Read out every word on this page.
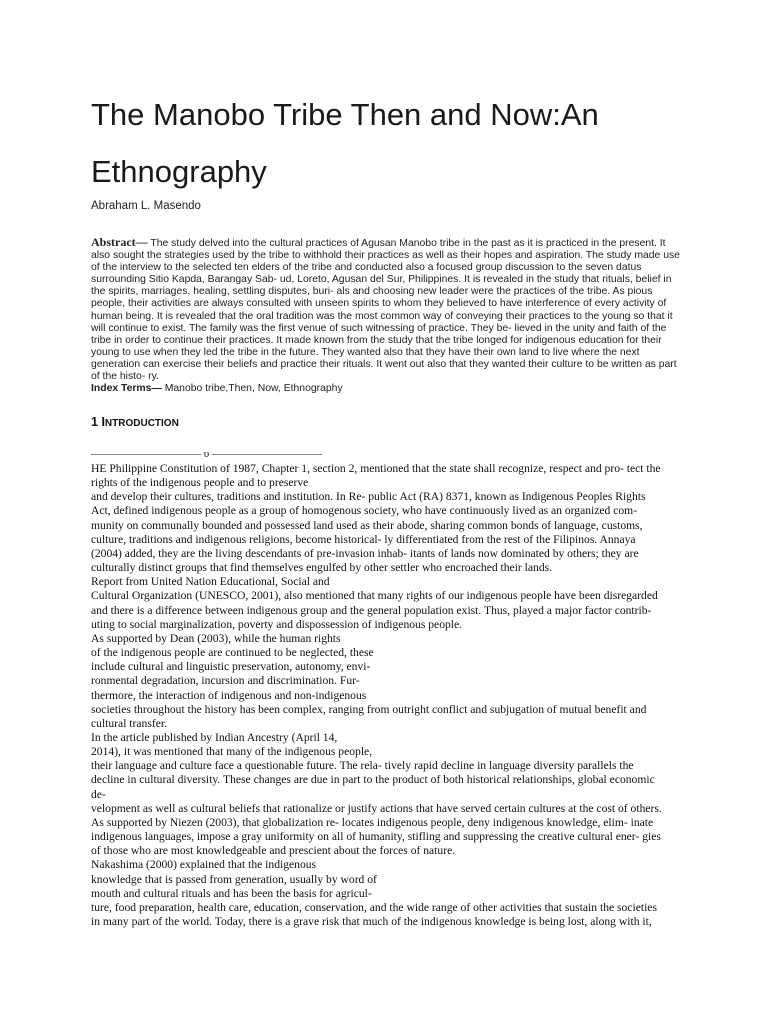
The Manobo Tribe Then and Now:An
Ethnography
Abraham L. Masendo

Abstract— The study delved into the cultural practices of Agusan Manobo tribe in the past as it is practiced in the present. It also sought the strategies used by the tribe to withhold their practices as well as their hopes and aspiration. The study made use of the interview to the selected ten elders of the tribe and conducted also a focused group discussion to the seven datus surrounding Sitio Kapda, Barangay Sab- ud, Loreto, Agusan del Sur, Philippines. It is revealed in the study that rituals, belief in the spirits, marriages, healing, settling disputes, buri- als and choosing new leader were the practices of the tribe. As pious people, their activities are always consulted with unseen spirits to whom they believed to have interference of every activity of human being. It is revealed that the oral tradition was the most common way of conveying their practices to the young so that it will continue to exist. The family was the first venue of such witnessing of practice. They be- lieved in the unity and faith of the tribe in order to continue their practices. It made known from the study that the tribe longed for indigenous education for their young to use when they led the tribe in the future. They wanted also that they have their own land to live where the next generation can exercise their beliefs and practice their rituals. It went out also that they wanted their culture to be written as part of the histo- ry.

Index Terms— Manobo tribe,Then, Now, Ethnography
1 INTRODUCTION
—————————— υ ——————————
HE Philippine Constitution of 1987, Chapter 1, section 2, mentioned that the state shall recognize, respect and pro- tect the
rights of the indigenous people and to preserve
and develop their cultures, traditions and institution. In Re- public Act (RA) 8371, known as Indigenous Peoples Rights
Act, defined indigenous people as a group of homogenous society, who have continuously lived as an organized com-
munity on communally bounded and possessed land used as their abode, sharing common bonds of language, customs,
culture, traditions and indigenous religions, become historical- ly differentiated from the rest of the Filipinos. Annaya
(2004) added, they are the living descendants of pre-invasion inhab- itants of lands now dominated by others; they are
culturally distinct groups that find themselves engulfed by other settler who encroached their lands.
Report from United Nation Educational, Social and
Cultural Organization (UNESCO, 2001), also mentioned that many rights of our indigenous people have been disregarded
and there is a difference between indigenous group and the general population exist. Thus, played a major factor contrib-
uting to social marginalization, poverty and dispossession of indigenous people.
As supported by Dean (2003), while the human rights
of the indigenous people are continued to be neglected, these
include cultural and linguistic preservation, autonomy, envi-
ronmental degradation, incursion and discrimination. Fur-
thermore, the interaction of indigenous and non-indigenous
societies throughout the history has been complex, ranging from outright conflict and subjugation of mutual benefit and
cultural transfer.
In the article published by Indian Ancestry (April 14,
2014), it was mentioned that many of the indigenous people,
their language and culture face a questionable future. The rela- tively rapid decline in language diversity parallels the
decline in cultural diversity. These changes are due in part to the product of both historical relationships, global economic
de-
velopment as well as cultural beliefs that rationalize or justify actions that have served certain cultures at the cost of others.
As supported by Niezen (2003), that globalization re- locates indigenous people, deny indigenous knowledge, elim- inate
indigenous languages, impose a gray uniformity on all of humanity, stifling and suppressing the creative cultural ener- gies
of those who are most knowledgeable and prescient about the forces of nature.
Nakashima (2000) explained that the indigenous
knowledge that is passed from generation, usually by word of
mouth and cultural rituals and has been the basis for agricul-
ture, food preparation, health care, education, conservation, and the wide range of other activities that sustain the societies
in many part of the world. Today, there is a grave risk that much of the indigenous knowledge is being lost, along with it,
